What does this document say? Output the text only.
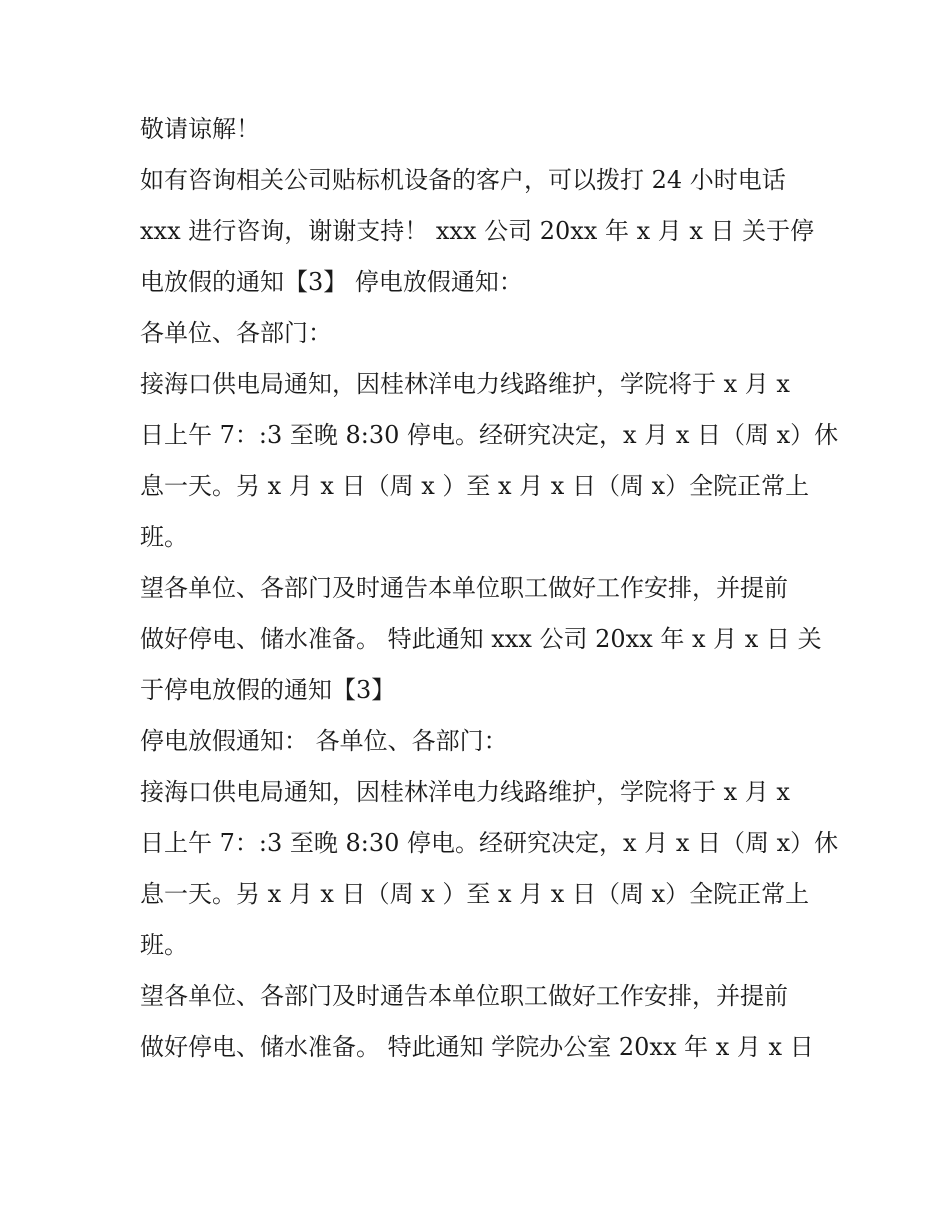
敬请谅解！
如有咨询相关公司贴标机设备的客户，可以拨打 24 小时电话
xxx 进行咨询，谢谢支持！ xxx 公司 20xx 年 x 月 x 日 关于停
电放假的通知【3】 停电放假通知：
各单位、各部门：
接海口供电局通知，因桂林洋电力线路维护，学院将于 x 月 x
日上午 7：:3 至晚 8:30 停电。经研究决定，x 月 x 日（周 x）休
息一天。另 x 月 x 日（周 x ）至 x 月 x 日（周 x）全院正常上
班。
望各单位、各部门及时通告本单位职工做好工作安排，并提前
做好停电、储水准备。 特此通知 xxx 公司 20xx 年 x 月 x 日 关
于停电放假的通知【3】
停电放假通知： 各单位、各部门：
接海口供电局通知，因桂林洋电力线路维护，学院将于 x 月 x
日上午 7：:3 至晚 8:30 停电。经研究决定，x 月 x 日（周 x）休
息一天。另 x 月 x 日（周 x ）至 x 月 x 日（周 x）全院正常上
班。
望各单位、各部门及时通告本单位职工做好工作安排，并提前
做好停电、储水准备。 特此通知 学院办公室 20xx 年 x 月 x 日
